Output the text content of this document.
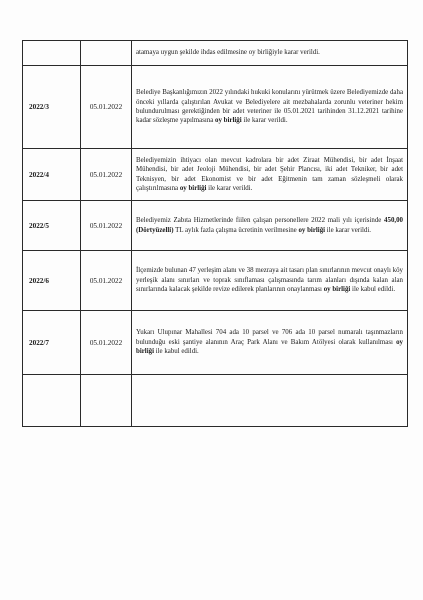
		atamaya uygun şekilde ihdas edilmesine oy birliğiyle karar verildi.

2022/3	05.01.2022	Belediye Başkanlığımızın 2022 yılındaki hukuki konularını yürütmek üzere Belediyemizde daha önceki yıllarda çalıştırılan Avukat ve Belediyelere ait mezbahalarda zorunlu veteriner hekim bulundurulması gerektiğinden bir adet veteriner ile 05.01.2021 tarihinden 31.12.2021 tarihine kadar sözleşme yapılmasına oy birliği ile karar verildi.

2022/4	05.01.2022	Belediyemizin ihtiyacı olan mevcut kadrolara bir adet Ziraat Mühendisi, bir adet İnşaat Mühendisi, bir adet Jeoloji Mühendisi, bir adet Şehir Plancısı, iki adet Tekniker, bir adet Teknisyen, bir adet Ekonomist ve bir adet Eğitmenin tam zaman sözleşmeli olarak çalıştırılmasına oy birliği ile karar verildi.

2022/5	05.01.2022	Belediyemiz Zabıta Hizmetlerinde fiilen çalışan personellere 2022 mali yılı içerisinde 450,00 (Dörtyüzelli) TL aylık fazla çalışma ücretinin verilmesine oy birliği ile karar verildi.

2022/6	05.01.2022	İlçemizde bulunan 47 yerleşim alanı ve 38 mezraya ait tasarı plan sınırlarının mevcut onaylı köy yerleşik alanı sınırları ve toprak sınıflaması çalışmasında tarım alanları dışında kalan alan sınırlarında kalacak şekilde revize edilerek planlarının onaylanması oy birliği ile kabul edildi.

2022/7	05.01.2022	Yukarı Ulupınar Mahallesi 704 ada 10 parsel ve 706 ada 10 parsel numaralı taşınmazların bulunduğu eski şantiye alanının Araç Park Alanı ve Bakım Atölyesi olarak kullanılması oy birliği ile kabul edildi.
